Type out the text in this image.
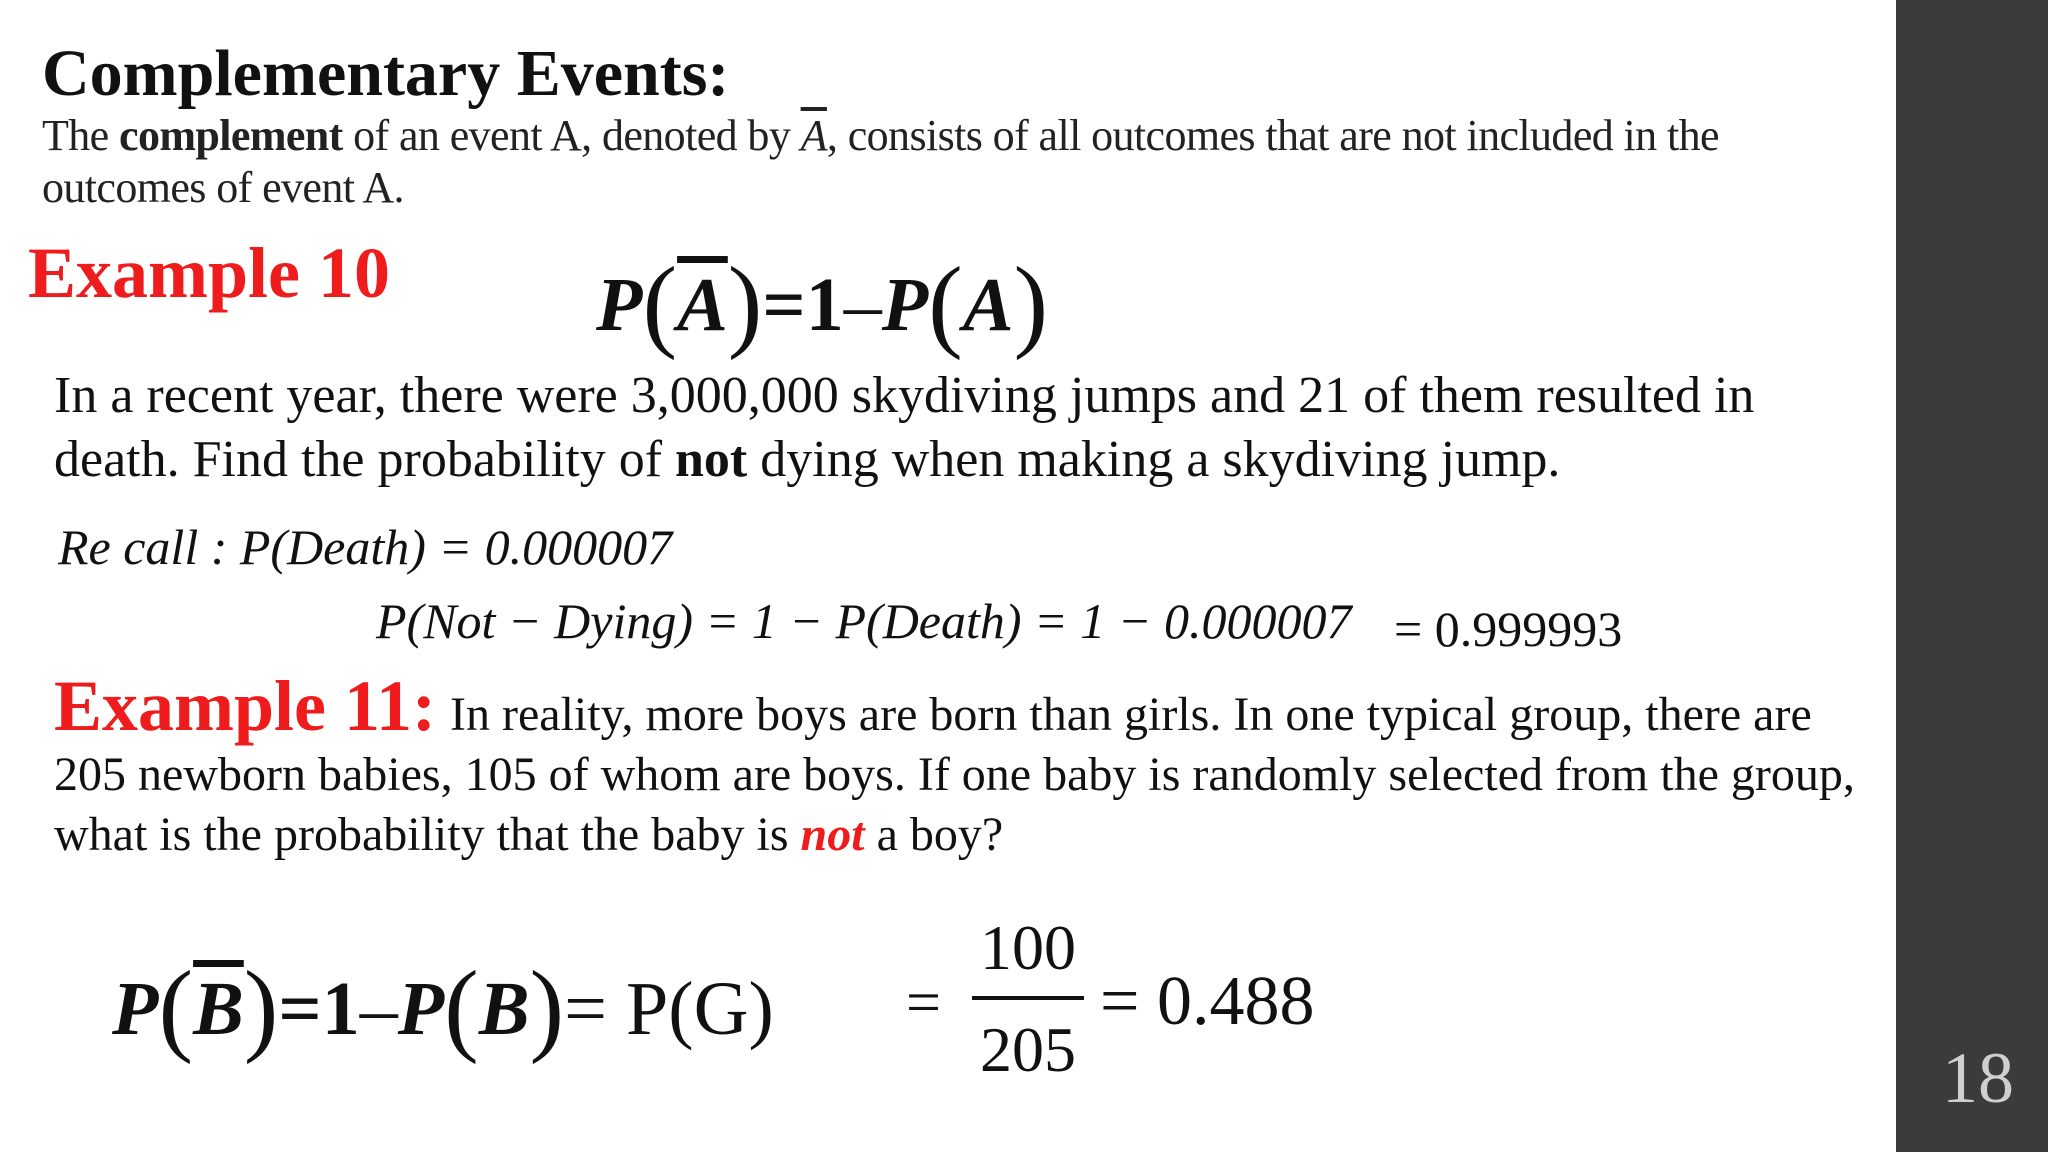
Complementary Events:
The complement of an event A, denoted by $\overline{A}$, consists of all outcomes that are not included in the outcomes of event A.
Example 10	$P(\overline{A})=1-P(A)$
In a recent year, there were 3,000,000 skydiving jumps and 21 of them resulted in death. Find the probability of not dying when making a skydiving jump.
Re call : P(Death) = 0.000007
P(Not − Dying) = 1 − P(Death) = 1 − 0.000007 = 0.999993
Example 11: In reality, more boys are born than girls. In one typical group, there are 205 newborn babies, 105 of whom are boys. If one baby is randomly selected from the group, what is the probability that the baby is not a boy?
$P(\overline{B})=1-P(B)= P(G)$ =
100
205
= 0.488
18
